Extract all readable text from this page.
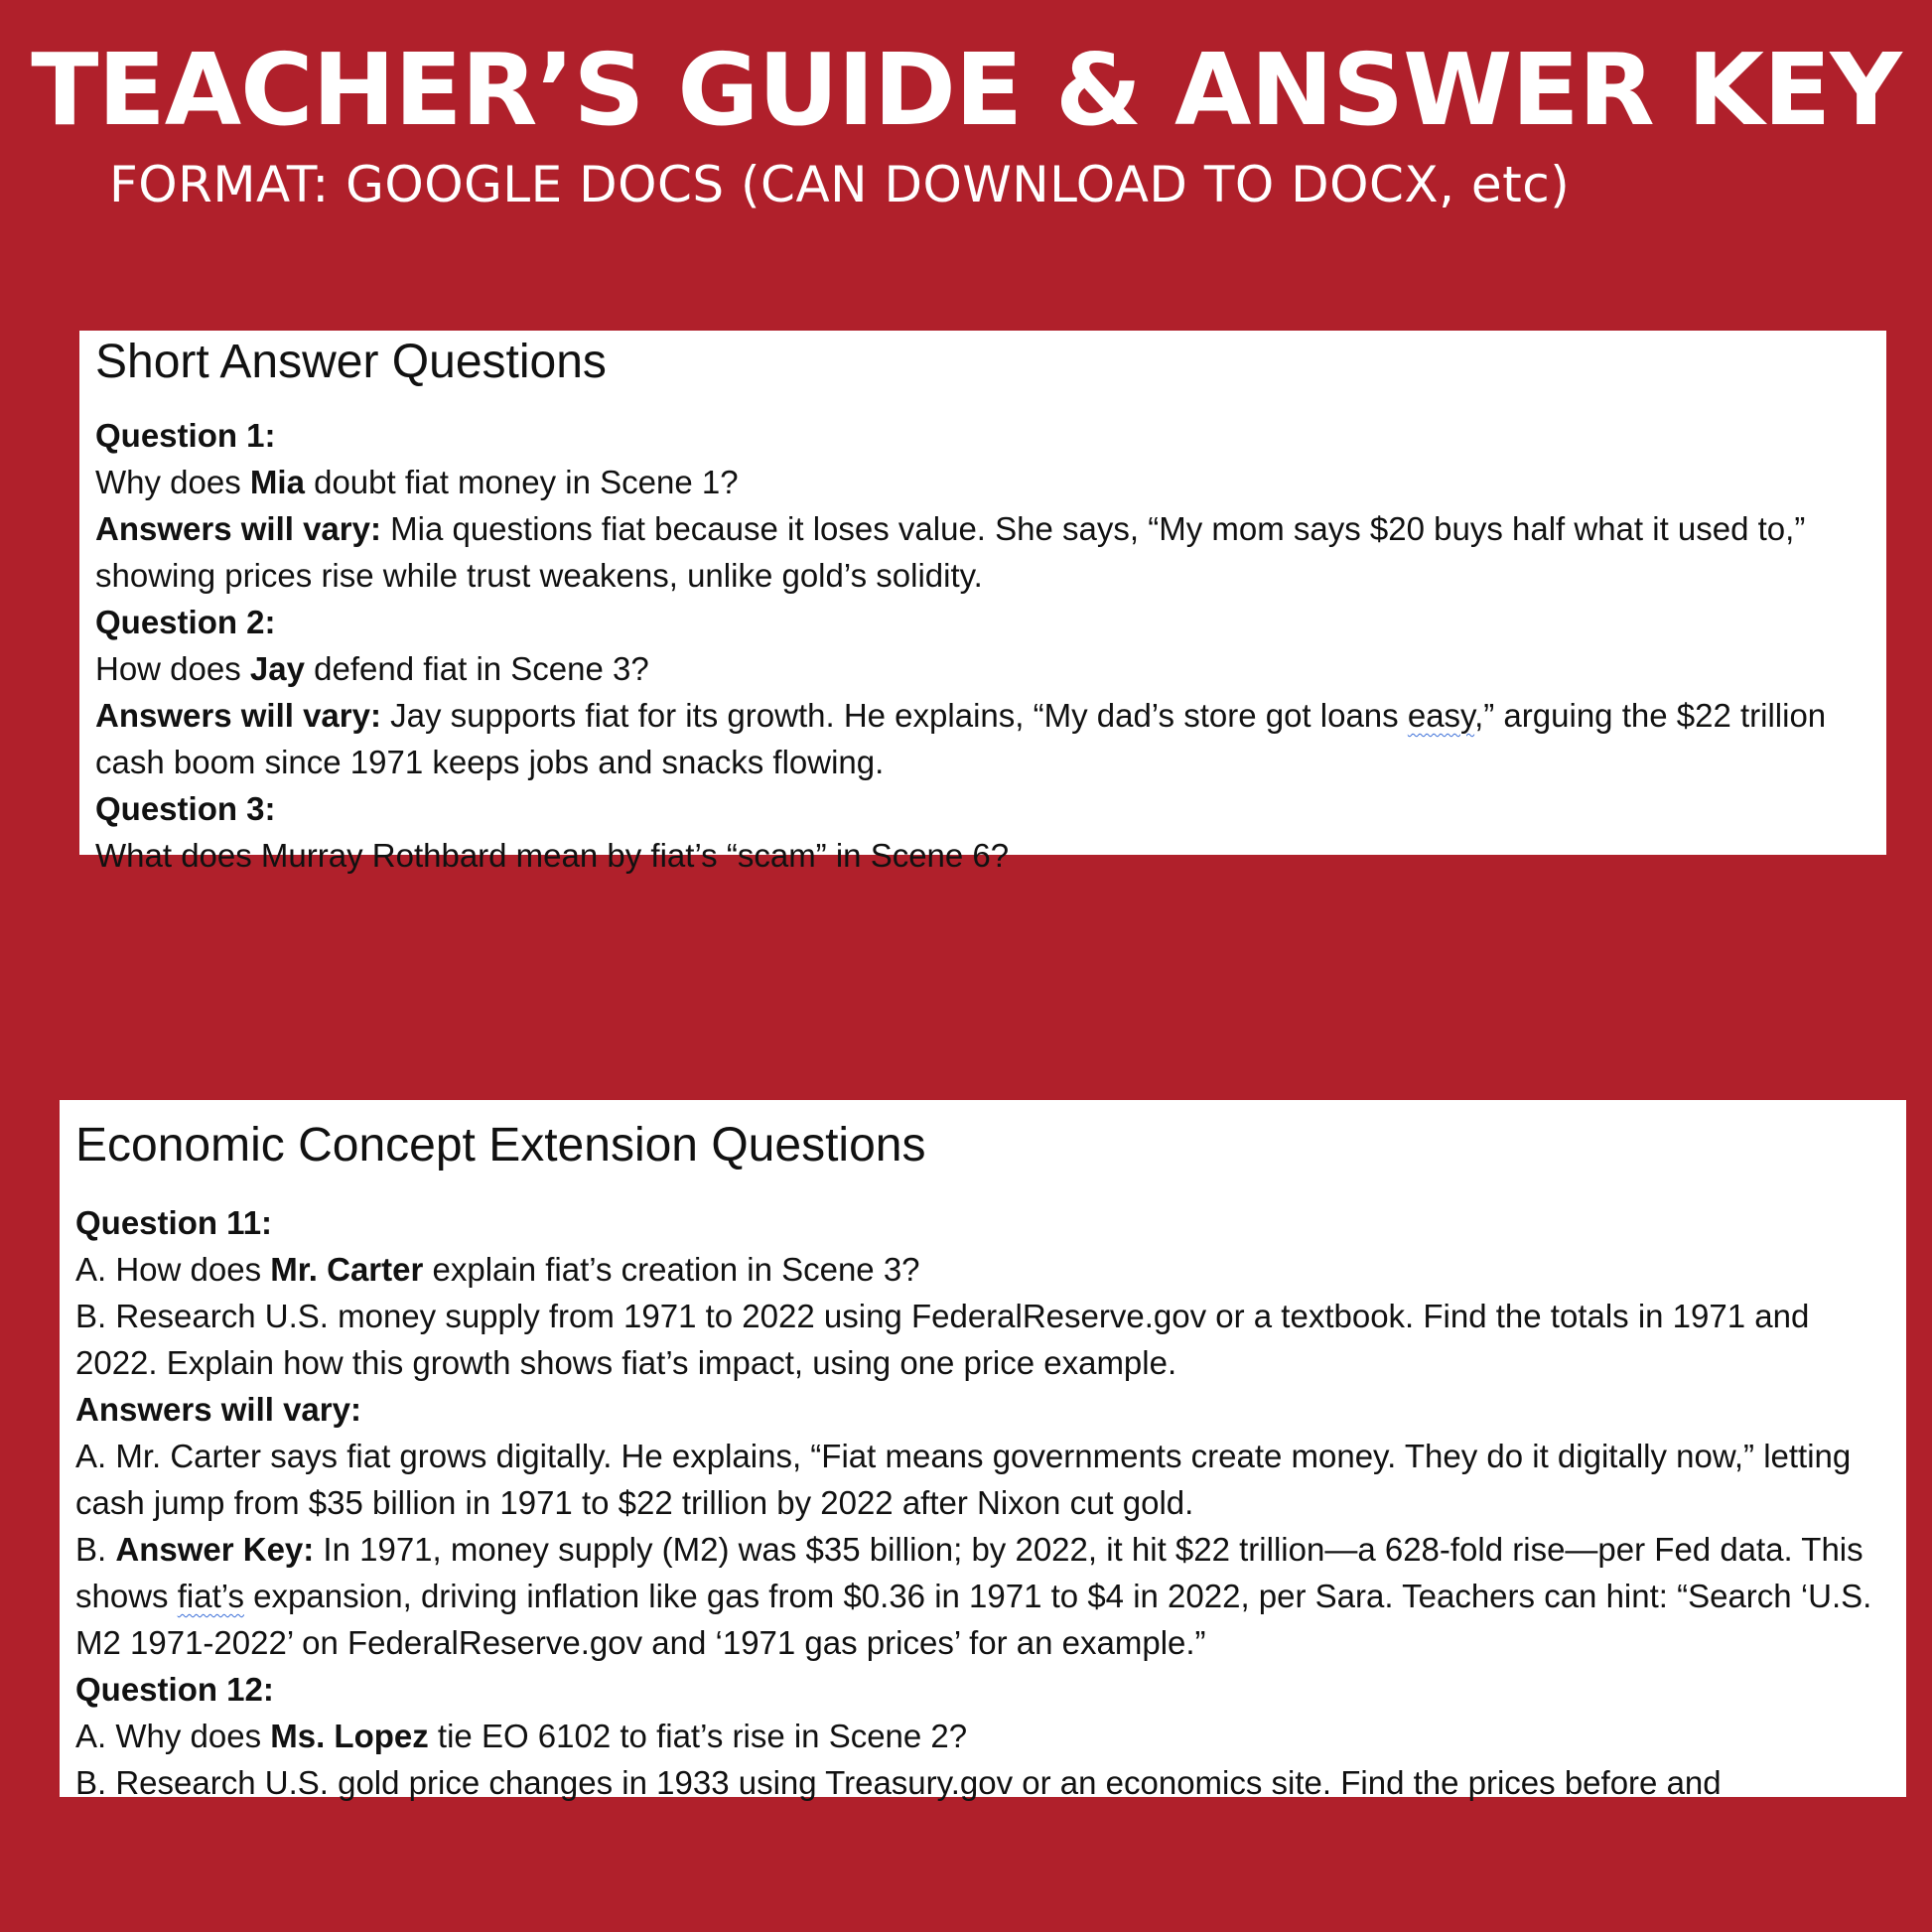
TEACHER’S GUIDE & ANSWER KEY
FORMAT: GOOGLE DOCS (CAN DOWNLOAD TO DOCX, etc)
Short Answer Questions
Question 1:
Why does Mia doubt fiat money in Scene 1?
Answers will vary: Mia questions fiat because it loses value. She says, “My mom says $20 buys half what it used to,” showing prices rise while trust weakens, unlike gold’s solidity.
Question 2:
How does Jay defend fiat in Scene 3?
Answers will vary: Jay supports fiat for its growth. He explains, “My dad’s store got loans easy,” arguing the $22 trillion cash boom since 1971 keeps jobs and snacks flowing.
Question 3:
What does Murray Rothbard mean by fiat’s “scam” in Scene 6?
Economic Concept Extension Questions
Question 11:
A. How does Mr. Carter explain fiat’s creation in Scene 3?
B. Research U.S. money supply from 1971 to 2022 using FederalReserve.gov or a textbook. Find the totals in 1971 and 2022. Explain how this growth shows fiat’s impact, using one price example.
Answers will vary:
A. Mr. Carter says fiat grows digitally. He explains, “Fiat means governments create money. They do it digitally now,” letting cash jump from $35 billion in 1971 to $22 trillion by 2022 after Nixon cut gold.
B. Answer Key: In 1971, money supply (M2) was $35 billion; by 2022, it hit $22 trillion—a 628-fold rise—per Fed data. This shows fiat’s expansion, driving inflation like gas from $0.36 in 1971 to $4 in 2022, per Sara. Teachers can hint: “Search ‘U.S. M2 1971-2022’ on FederalReserve.gov and ‘1971 gas prices’ for an example.”
Question 12:
A. Why does Ms. Lopez tie EO 6102 to fiat’s rise in Scene 2?
B. Research U.S. gold price changes in 1933 using Treasury.gov or an economics site. Find the prices before and
